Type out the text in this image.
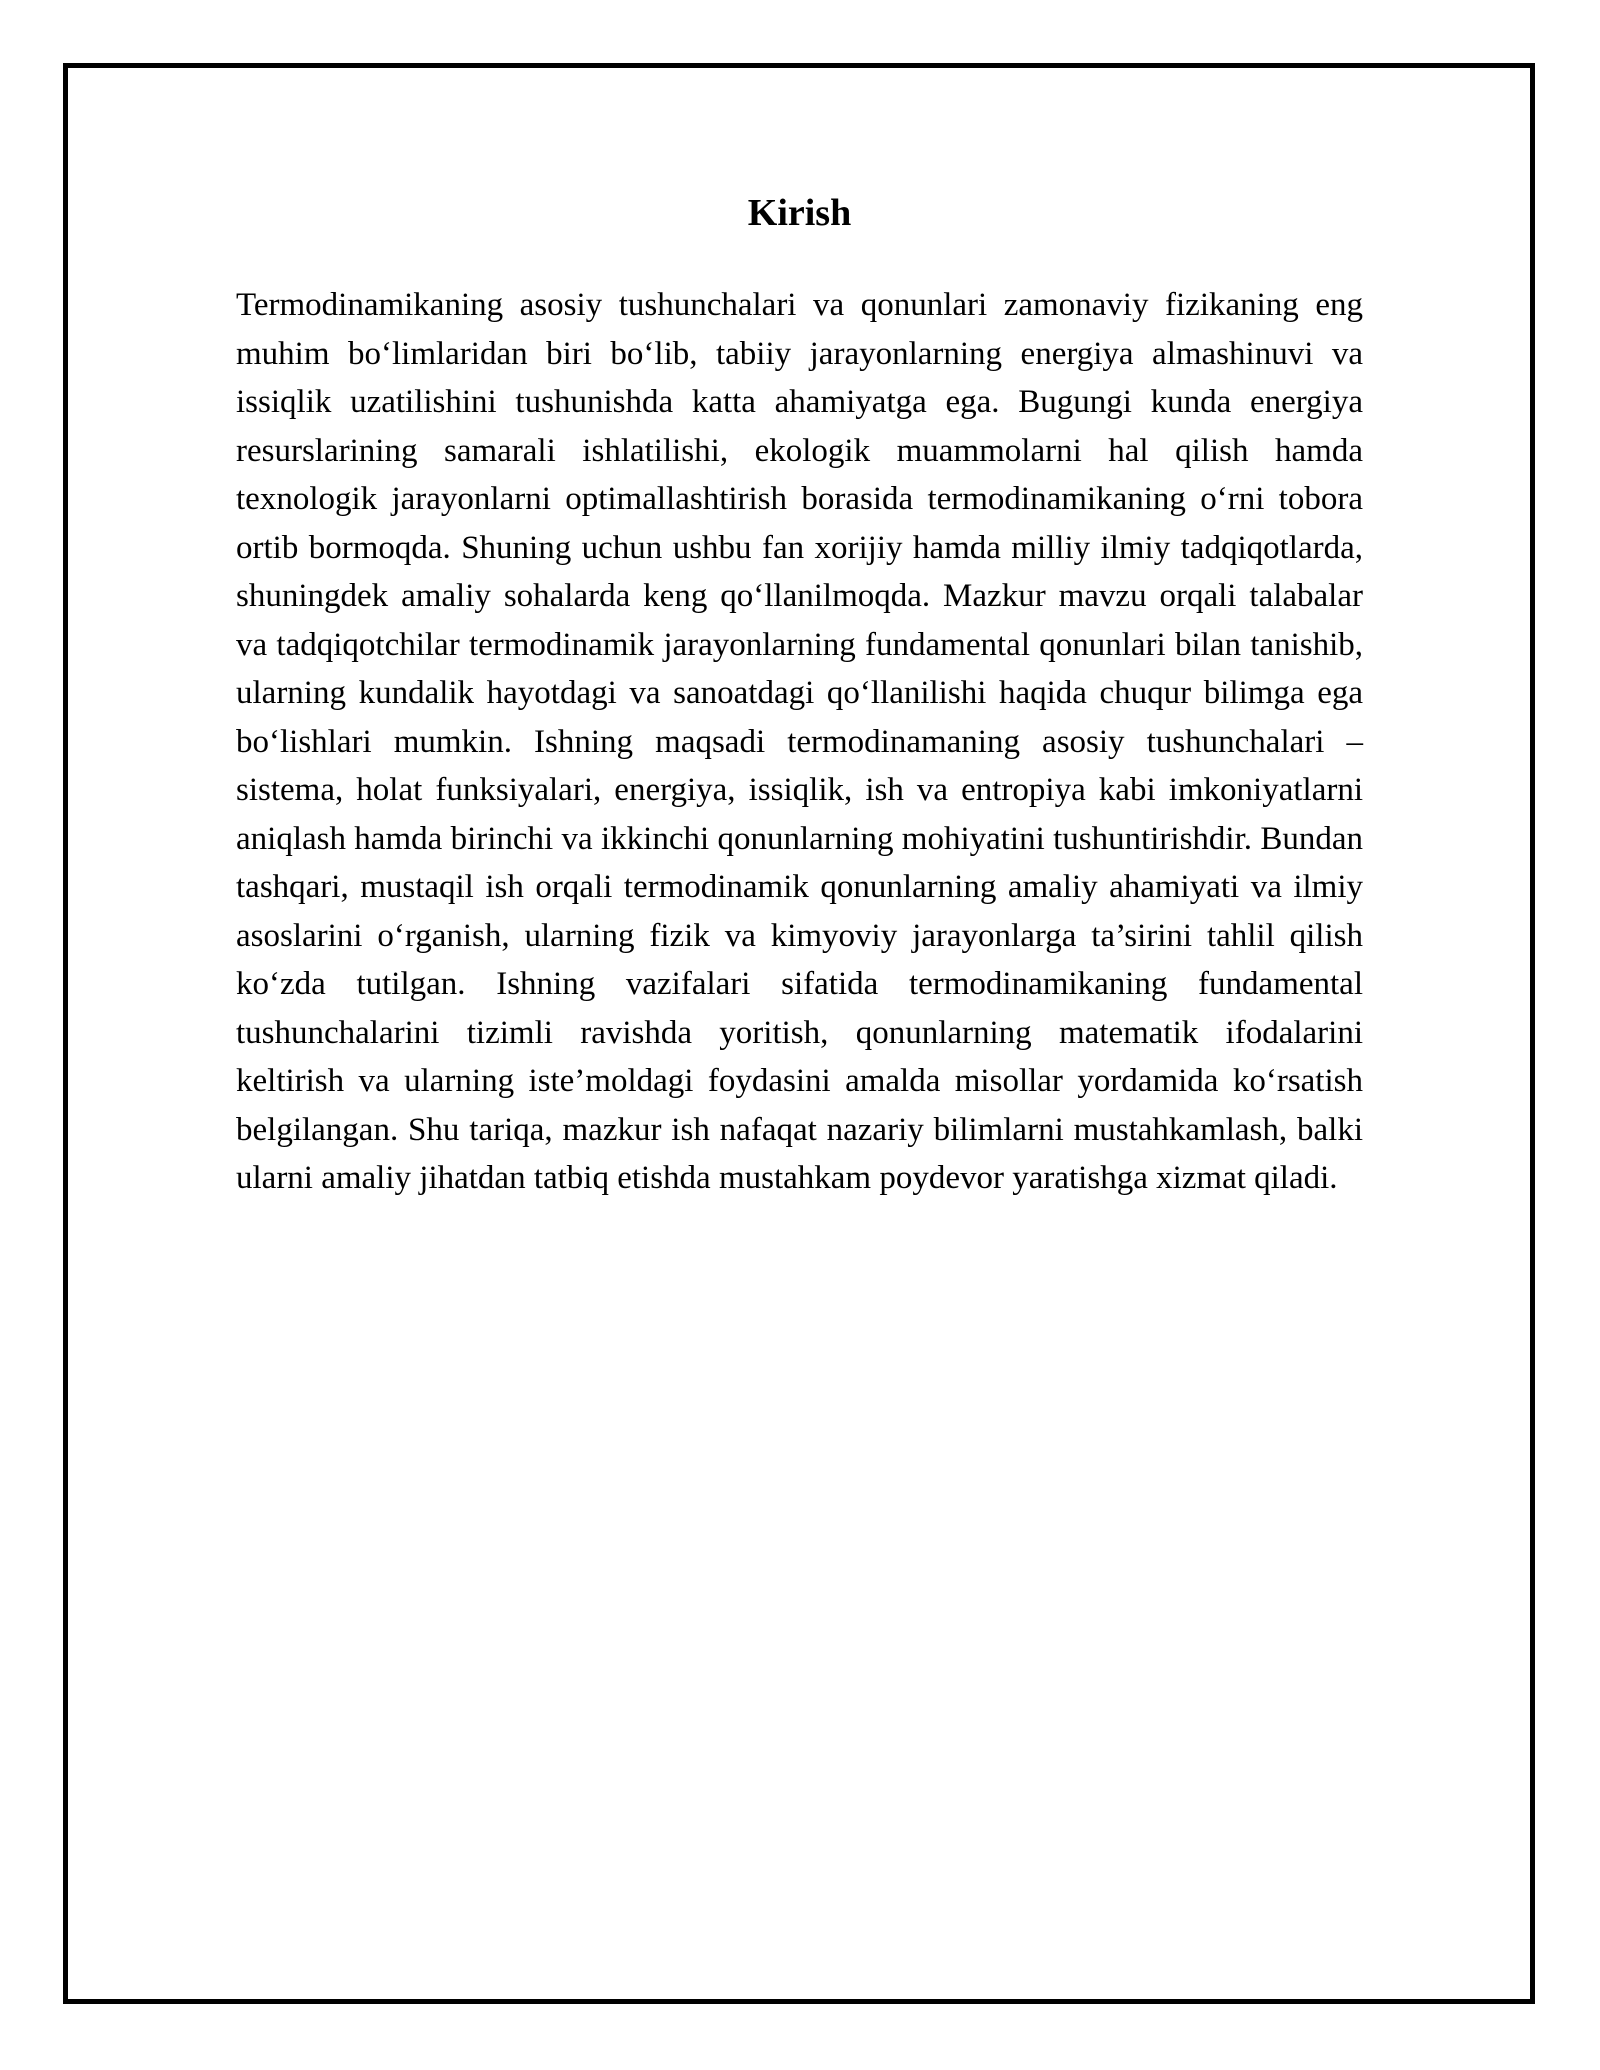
Kirish

Termodinamikaning asosiy tushunchalari va qonunlari zamonaviy fizikaning eng muhim bo‘limlaridan biri bo‘lib, tabiiy jarayonlarning energiya almashinuvi va issiqlik uzatilishini tushunishda katta ahamiyatga ega. Bugungi kunda energiya resurslarining samarali ishlatilishi, ekologik muammolarni hal qilish hamda texnologik jarayonlarni optimallashtirish borasida termodinamikaning o‘rni tobora ortib bormoqda. Shuning uchun ushbu fan xorijiy hamda milliy ilmiy tadqiqotlarda, shuningdek amaliy sohalarda keng qo‘llanilmoqda. Mazkur mavzu orqali talabalar va tadqiqotchilar termodinamik jarayonlarning fundamental qonunlari bilan tanishib, ularning kundalik hayotdagi va sanoatdagi qo‘llanilishi haqida chuqur bilimga ega bo‘lishlari mumkin. Ishning maqsadi termodinamaning asosiy tushunchalari – sistema, holat funksiyalari, energiya, issiqlik, ish va entropiya kabi imkoniyatlarni aniqlash hamda birinchi va ikkinchi qonunlarning mohiyatini tushuntirishdir. Bundan tashqari, mustaqil ish orqali termodinamik qonunlarning amaliy ahamiyati va ilmiy asoslarini o‘rganish, ularning fizik va kimyoviy jarayonlarga ta’sirini tahlil qilish ko‘zda tutilgan. Ishning vazifalari sifatida termodinamikaning fundamental tushunchalarini tizimli ravishda yoritish, qonunlarning matematik ifodalarini keltirish va ularning iste’moldagi foydasini amalda misollar yordamida ko‘rsatish belgilangan. Shu tariqa, mazkur ish nafaqat nazariy bilimlarni mustahkamlash, balki ularni amaliy jihatdan tatbiq etishda mustahkam poydevor yaratishga xizmat qiladi.
